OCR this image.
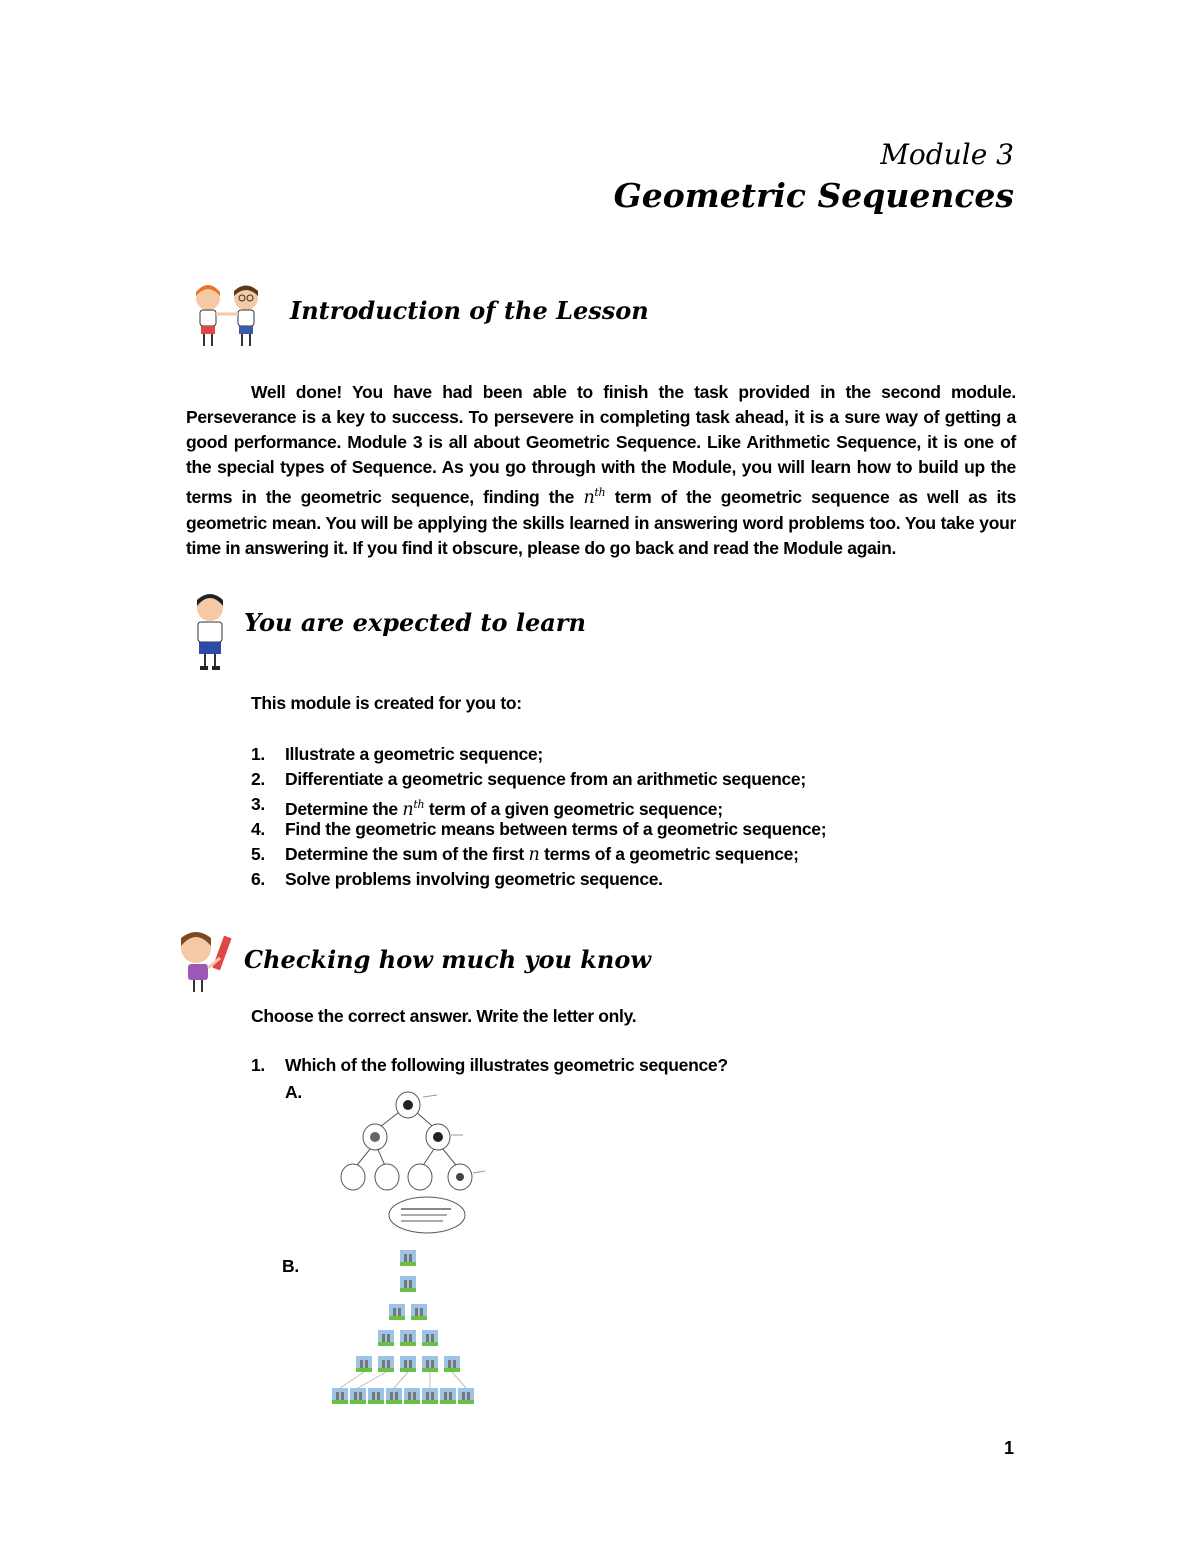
Module 3
Geometric Sequences
Introduction of the Lesson
Well done! You have had been able to finish the task provided in the second module. Perseverance is a key to success. To persevere in completing task ahead, it is a sure way of getting a good performance. Module 3 is all about Geometric Sequence. Like Arithmetic Sequence, it is one of the special types of Sequence. As you go through with the Module, you will learn how to build up the terms in the geometric sequence, finding the $n^{th}$ term of the geometric sequence as well as its geometric mean. You will be applying the skills learned in answering word problems too. You take your time in answering it. If you find it obscure, please do go back and read the Module again.
You are expected to learn
This module is created for you to:
1. Illustrate a geometric sequence;
2. Differentiate a geometric sequence from an arithmetic sequence;
3. Determine the $n^{th}$ term of a given geometric sequence;
4. Find the geometric means between terms of a geometric sequence;
5. Determine the sum of the first n terms of a geometric sequence;
6. Solve problems involving geometric sequence.
Checking how much you know
Choose the correct answer. Write the letter only.
1. Which of the following illustrates geometric sequence?
A.
B.
1
